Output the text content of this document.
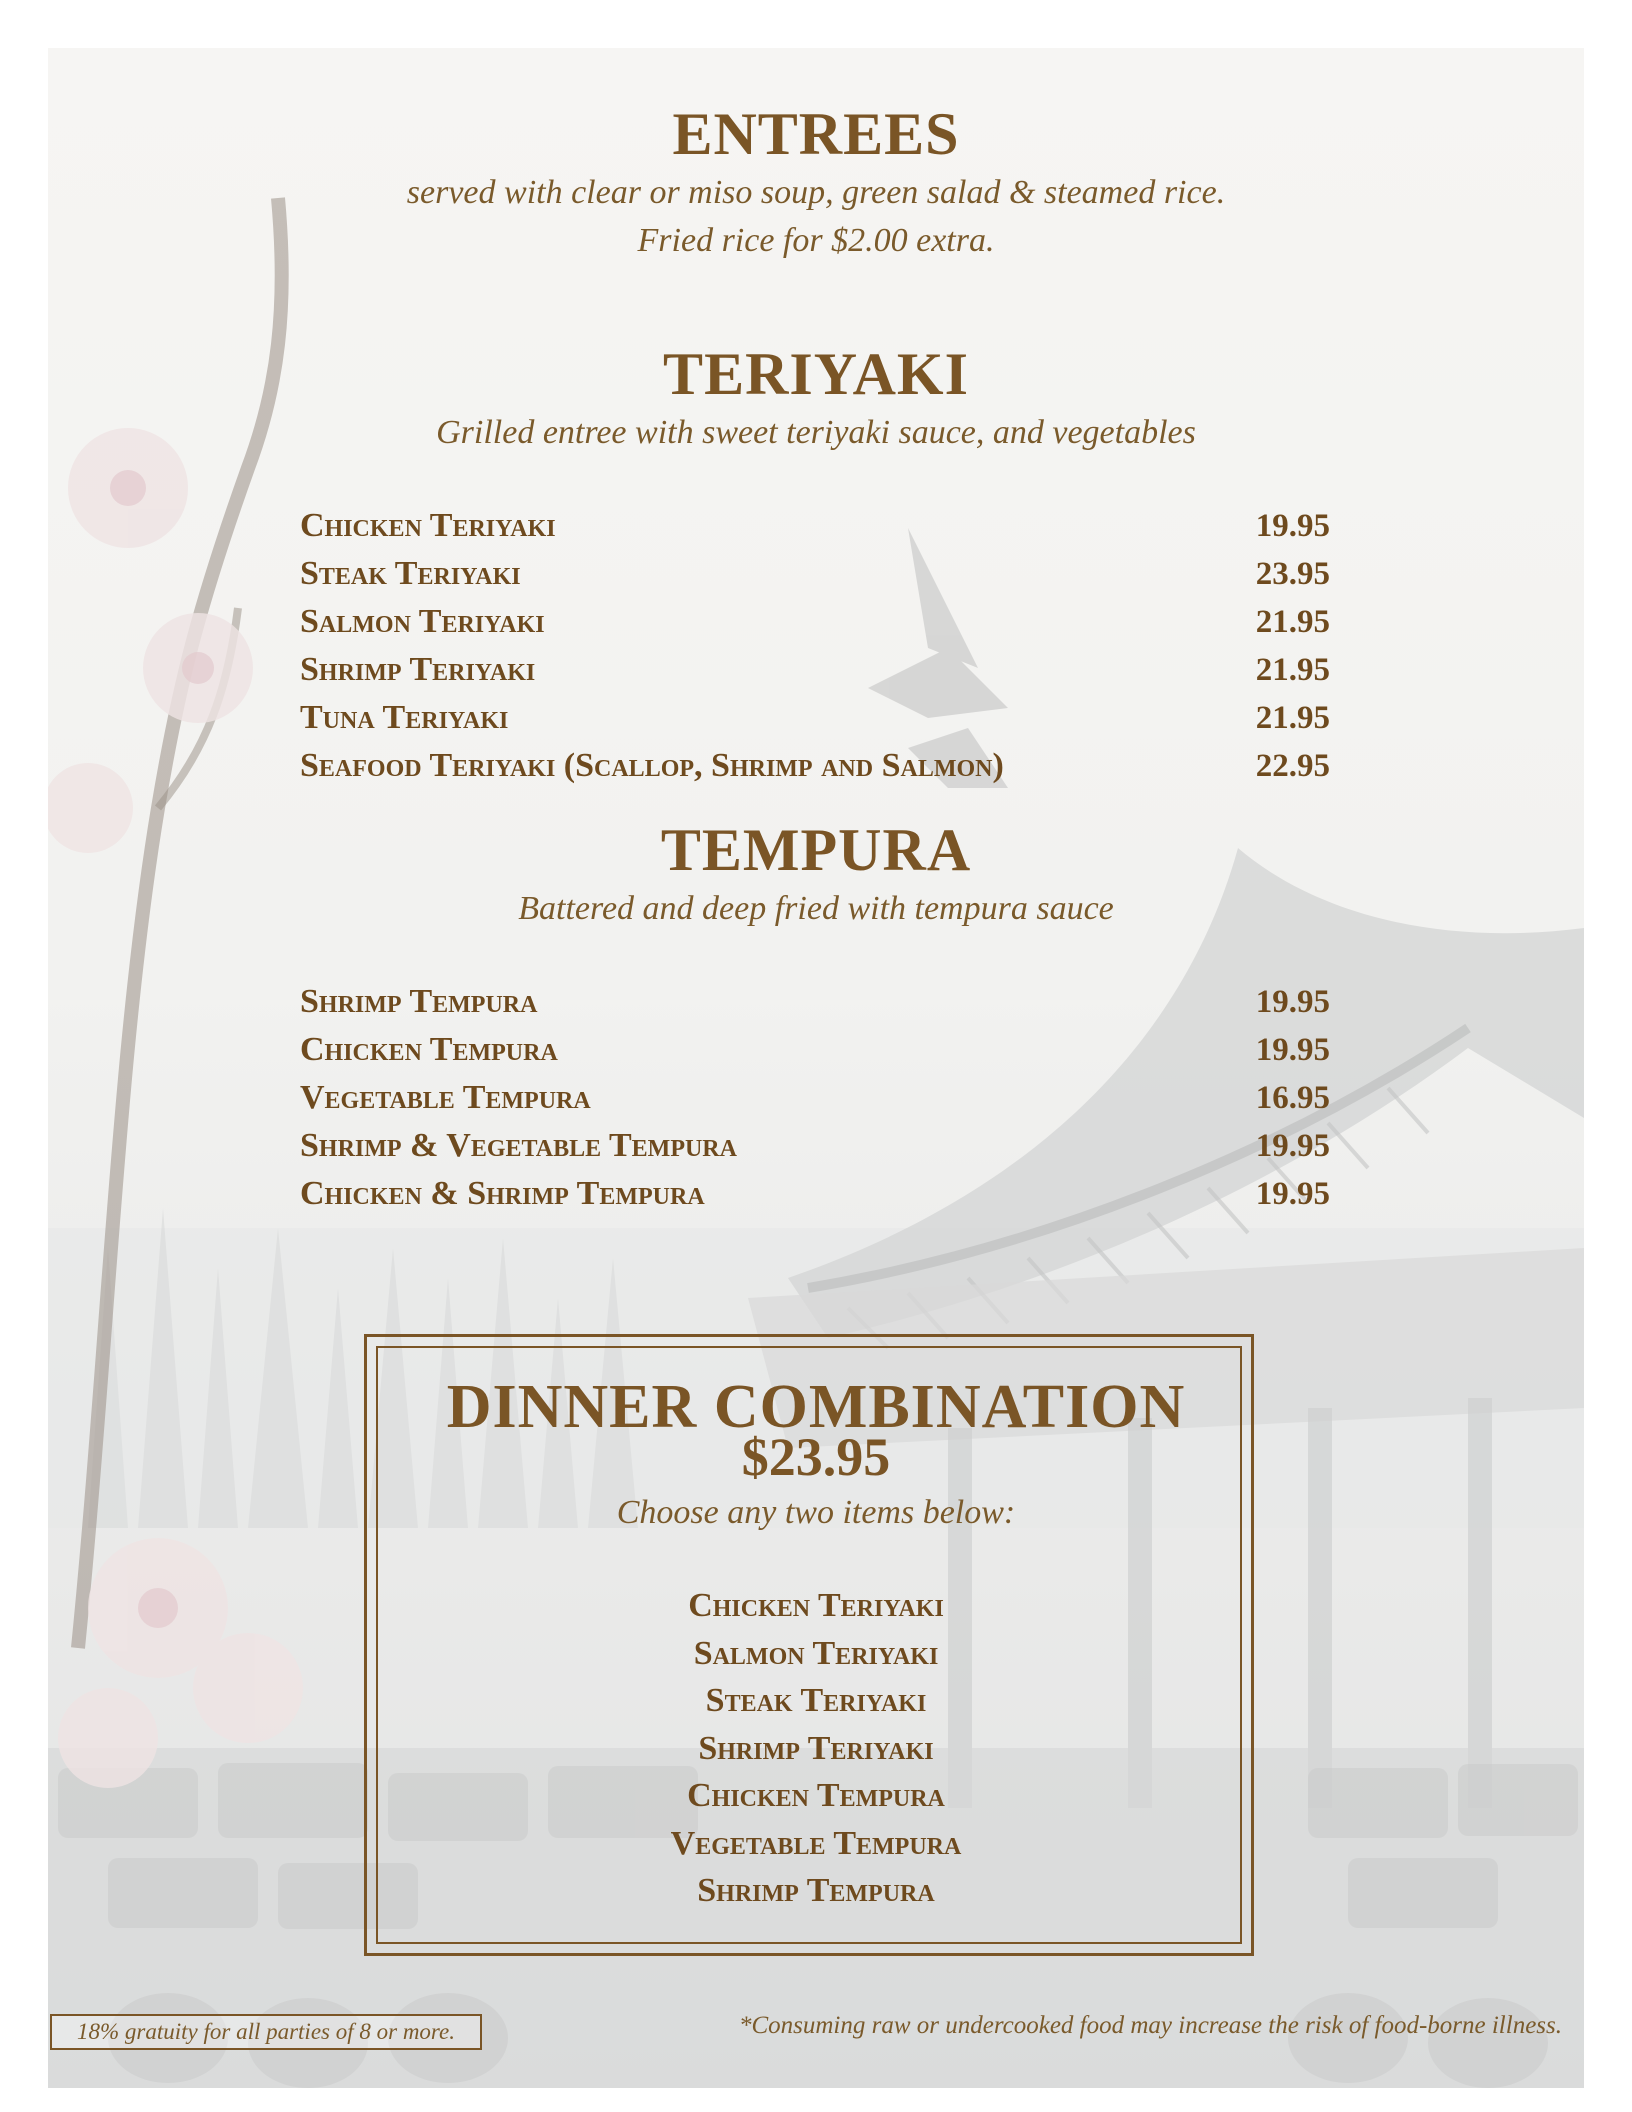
ENTREES
served with clear or miso soup, green salad & steamed rice.
Fried rice for $2.00 extra.
TERIYAKI
Grilled entree with sweet teriyaki sauce, and vegetables
Chicken Teriyaki	19.95
Steak Teriyaki	23.95
Salmon Teriyaki	21.95
Shrimp Teriyaki	21.95
Tuna Teriyaki	21.95
Seafood Teriyaki (Scallop, Shrimp and Salmon)	22.95
TEMPURA
Battered and deep fried with tempura sauce
Shrimp Tempura	19.95
Chicken Tempura	19.95
Vegetable Tempura	16.95
Shrimp & Vegetable Tempura	19.95
Chicken & Shrimp Tempura	19.95
DINNER COMBINATION
$23.95
Choose any two items below:
Chicken Teriyaki
Salmon Teriyaki
Steak Teriyaki
Shrimp Teriyaki
Chicken Tempura
Vegetable Tempura
Shrimp Tempura
18% gratuity for all parties of 8 or more.	*Consuming raw or undercooked food may increase the risk of food-borne illness.
